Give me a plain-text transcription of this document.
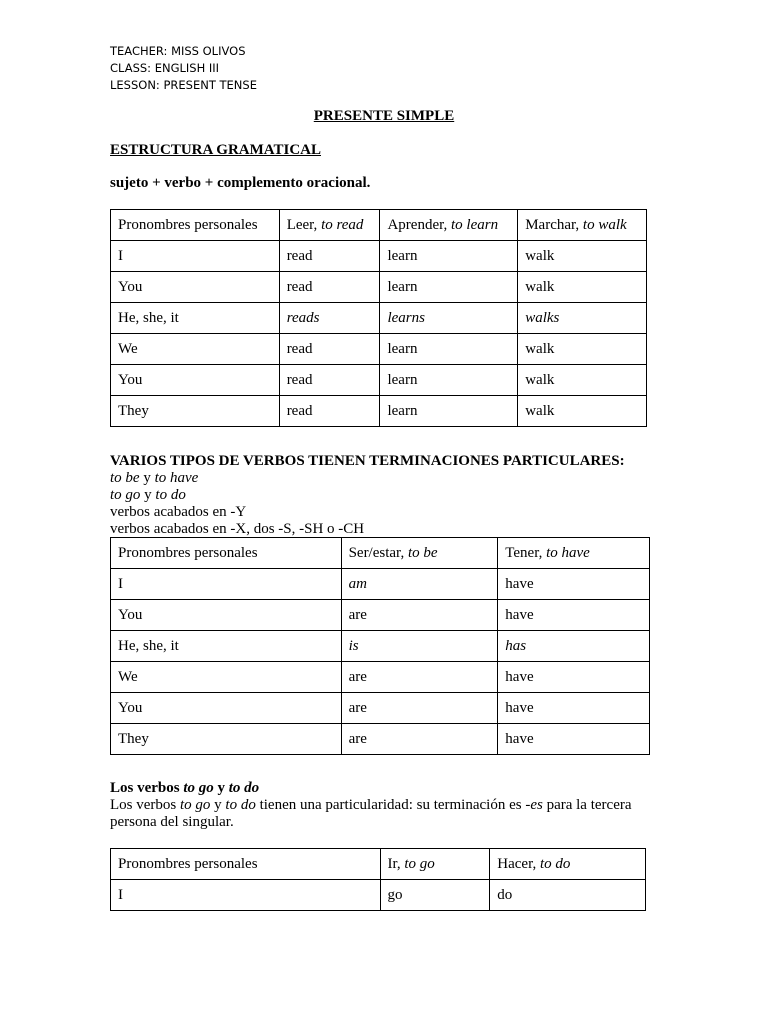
TEACHER: MISS OLIVOS
CLASS: ENGLISH III
LESSON: PRESENT TENSE
PRESENTE SIMPLE
ESTRUCTURA GRAMATICAL
sujeto + verbo + complemento oracional.
Pronombres personales	Leer, to read	Aprender, to learn	Marchar, to walk
I	read	learn	walk
You	read	learn	walk
He, she, it	reads	learns	walks
We	read	learn	walk
You	read	learn	walk
They	read	learn	walk
VARIOS TIPOS DE VERBOS TIENEN TERMINACIONES PARTICULARES:
to be y to have
to go y to do
verbos acabados en -Y
verbos acabados en -X, dos -S, -SH o -CH
Pronombres personales	Ser/estar, to be	Tener, to have
I	am	have
You	are	have
He, she, it	is	has
We	are	have
You	are	have
They	are	have
Los verbos to go y to do
Los verbos to go y to do tienen una particularidad: su terminación es -es para la tercera persona del singular.
Pronombres personales	Ir, to go	Hacer, to do
I	go	do
